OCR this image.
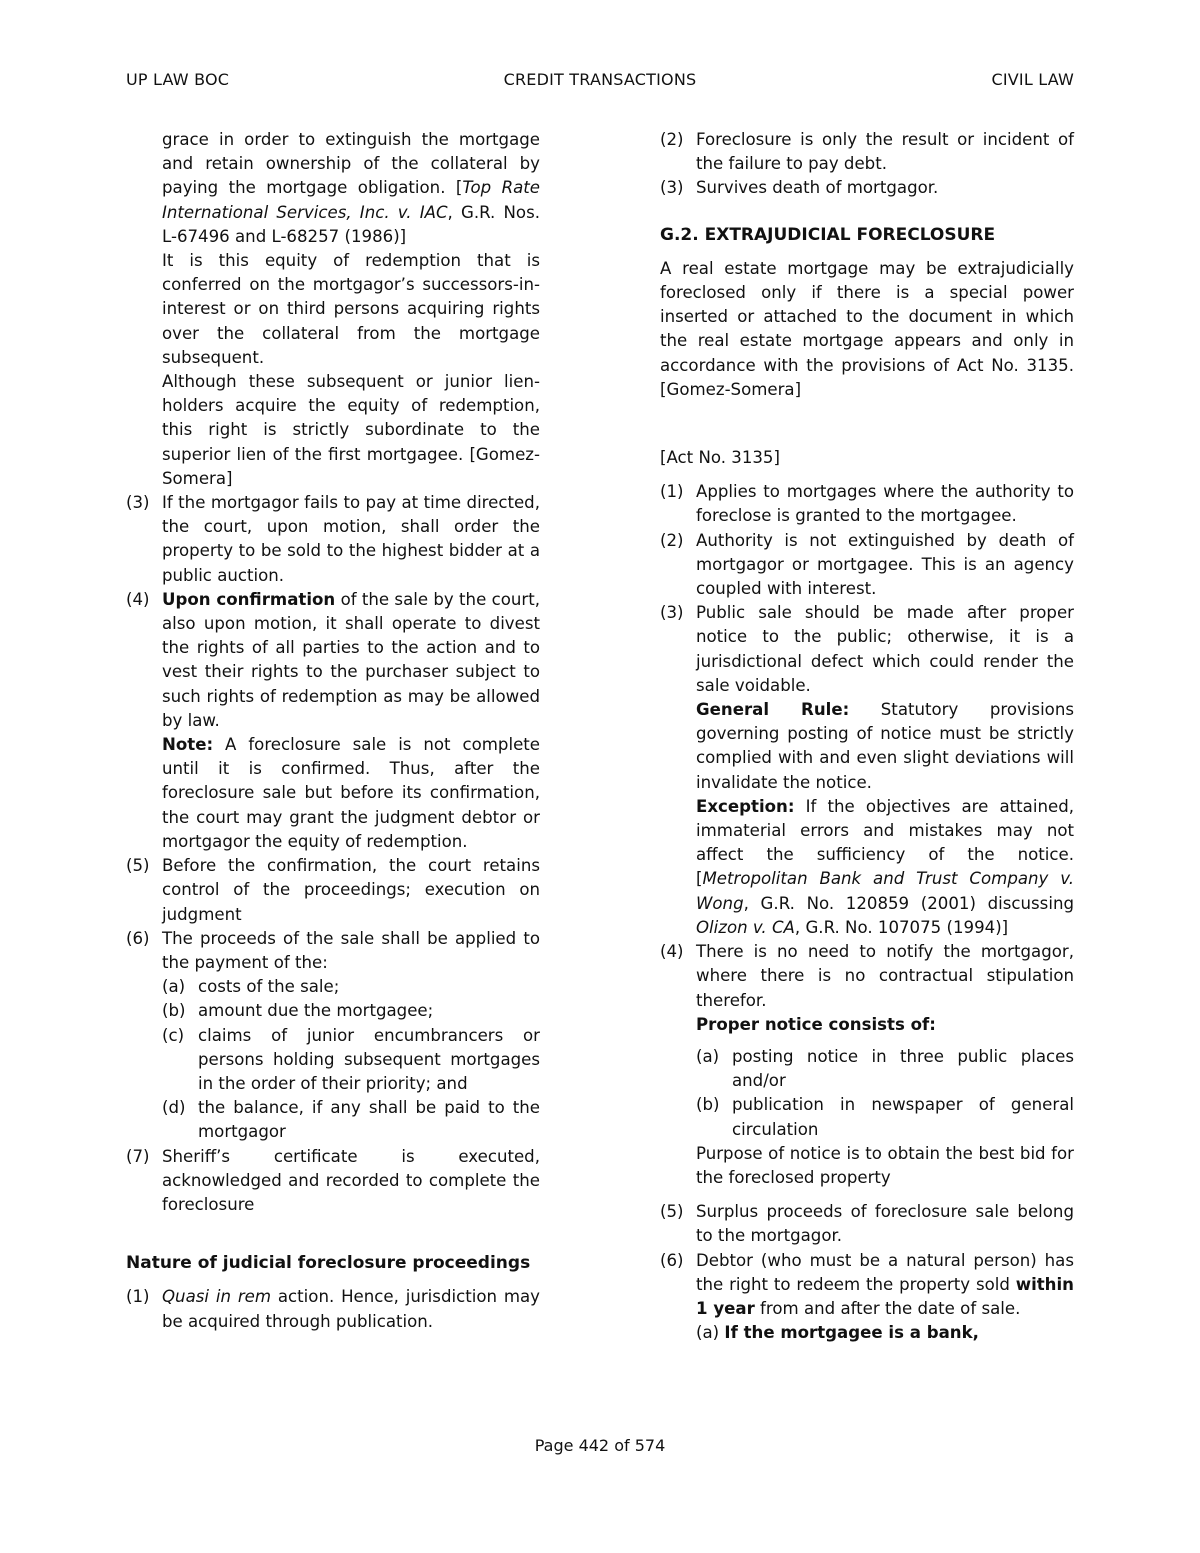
UP LAW BOC	CREDIT TRANSACTIONS	CIVIL LAW

grace in order to extinguish the mortgage and retain ownership of the collateral by paying the mortgage obligation. [Top Rate International Services, Inc. v. IAC, G.R. Nos. L-67496 and L-68257 (1986)]

It is this equity of redemption that is conferred on the mortgagor’s successors-in-interest or on third persons acquiring rights over the collateral from the mortgage subsequent.

Although these subsequent or junior lien-holders acquire the equity of redemption, this right is strictly subordinate to the superior lien of the first mortgagee. [Gomez-Somera]

(3) If the mortgagor fails to pay at time directed, the court, upon motion, shall order the property to be sold to the highest bidder at a public auction.

(4) Upon confirmation of the sale by the court, also upon motion, it shall operate to divest the rights of all parties to the action and to vest their rights to the purchaser subject to such rights of redemption as may be allowed by law.

Note: A foreclosure sale is not complete until it is confirmed. Thus, after the foreclosure sale but before its confirmation, the court may grant the judgment debtor or mortgagor the equity of redemption.

(5) Before the confirmation, the court retains control of the proceedings; execution on judgment

(6) The proceeds of the sale shall be applied to the payment of the:

(a) costs of the sale;

(b) amount due the mortgagee;

(c) claims of junior encumbrancers or persons holding subsequent mortgages in the order of their priority; and

(d) the balance, if any shall be paid to the mortgagor

(7) Sheriff’s certificate is executed, acknowledged and recorded to complete the foreclosure

Nature of judicial foreclosure proceedings

(1) Quasi in rem action. Hence, jurisdiction may be acquired through publication.

(2) Foreclosure is only the result or incident of the failure to pay debt.

(3) Survives death of mortgagor.

G.2. EXTRAJUDICIAL FORECLOSURE

A real estate mortgage may be extrajudicially foreclosed only if there is a special power inserted or attached to the document in which the real estate mortgage appears and only in accordance with the provisions of Act No. 3135. [Gomez-Somera]

[Act No. 3135]

(1) Applies to mortgages where the authority to foreclose is granted to the mortgagee.

(2) Authority is not extinguished by death of mortgagor or mortgagee. This is an agency coupled with interest.

(3) Public sale should be made after proper notice to the public; otherwise, it is a jurisdictional defect which could render the sale voidable.

General Rule: Statutory provisions governing posting of notice must be strictly complied with and even slight deviations will invalidate the notice.

Exception: If the objectives are attained, immaterial errors and mistakes may not affect the sufficiency of the notice. [Metropolitan Bank and Trust Company v. Wong, G.R. No. 120859 (2001) discussing Olizon v. CA, G.R. No. 107075 (1994)]

(4) There is no need to notify the mortgagor, where there is no contractual stipulation therefor.

Proper notice consists of:

(a) posting notice in three public places and/or

(b) publication in newspaper of general circulation

Purpose of notice is to obtain the best bid for the foreclosed property

(5) Surplus proceeds of foreclosure sale belong to the mortgagor.

(6) Debtor (who must be a natural person) has the right to redeem the property sold within 1 year from and after the date of sale.

(a) If the mortgagee is a bank,

Page 442 of 574
